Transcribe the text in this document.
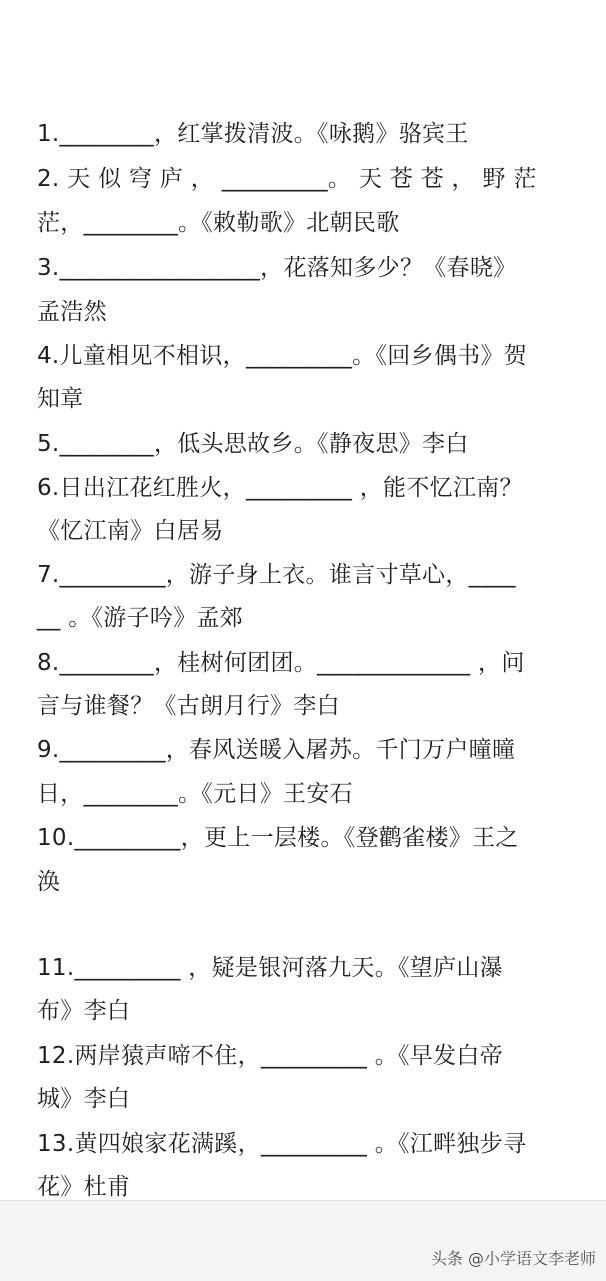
1.________，红掌拨清波。《咏鹅》骆宾王
2. 天 似 穹 庐 ， _________。 天 苍 苍 ， 野 茫
茫，________。《敕勒歌》北朝民歌
3._________________，花落知多少？《春晓》
孟浩然
4.儿童相见不相识，_________。《回乡偶书》贺
知章
5.________，低头思故乡。《静夜思》李白
6.日出江花红胜火，_________ ，能不忆江南？
《忆江南》白居易
7._________，游子身上衣。谁言寸草心，____
__ 。《游子吟》孟郊
8.________，桂树何团团。_____________ ，问
言与谁餐？《古朗月行》李白
9._________，春风送暖入屠苏。千门万户曈曈
日，________。《元日》王安石
10._________，更上一层楼。《登鹳雀楼》王之
涣
11._________ ，疑是银河落九天。《望庐山瀑
布》李白
12.两岸猿声啼不住，_________ 。《早发白帝
城》李白
13.黄四娘家花满蹊，_________ 。《江畔独步寻
花》杜甫
头条 @小学语文李老师
